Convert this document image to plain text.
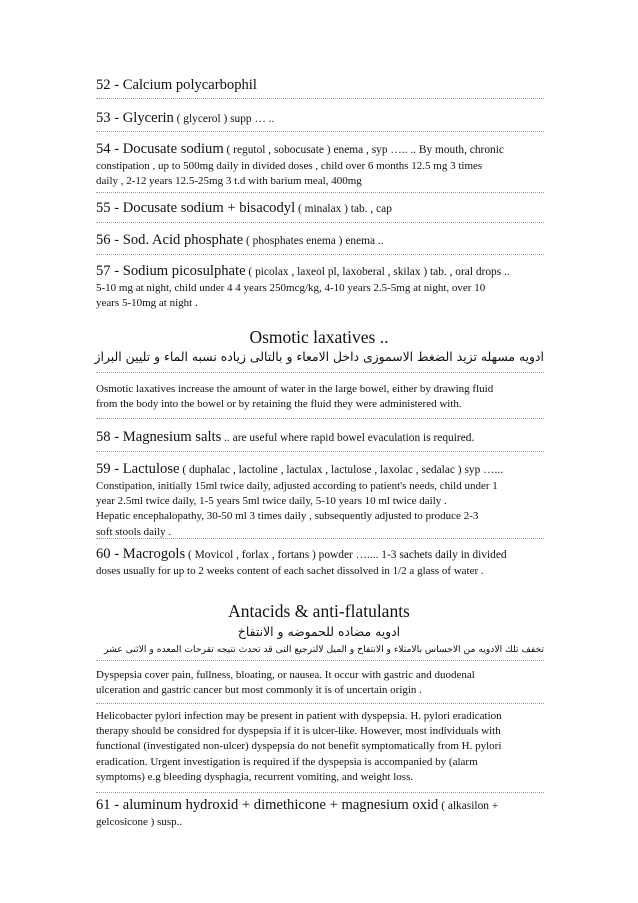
52 - Calcium polycarbophil

53 - Glycerin ( glycerol ) supp … ..

54 - Docusate sodium ( regutol , sobocusate ) enema , syp ….. .. By mouth, chronic
constipation , up to 500mg daily in divided doses , child over 6 months 12.5 mg 3 times
daily , 2-12 years 12.5-25mg 3 t.d with barium meal, 400mg

55 - Docusate sodium + bisacodyl ( minalax ) tab. , cap

56 - Sod. Acid phosphate ( phosphates enema ) enema ..

57 - Sodium picosulphate ( picolax , laxeol pl, laxoberal , skilax ) tab. , oral drops ..
5-10 mg at night, child under 4 4 years 250mcg/kg, 4-10 years 2.5-5mg at night, over 10
years 5-10mg at night .

Osmotic laxatives ..

ادويه مسهله تزيد الضغط الاسموزى داخل الامعاء و بالتالى زياده نسبه الماء و تليين البراز

Osmotic laxatives increase the amount of water in the large bowel, either by drawing fluid
from the body into the bowel or by retaining the fluid they were administered with.

58 - Magnesium salts .. are useful where rapid bowel evaculation is required.

59 - Lactulose ( duphalac , lactoline , lactulax , lactulose , laxolac , sedalac ) syp …...
Constipation, initially 15ml twice daily, adjusted according to patient's needs, child under 1
year 2.5ml twice daily, 1-5 years 5ml twice daily, 5-10 years 10 ml twice daily .
Hepatic encephalopathy, 30-50 ml 3 times daily , subsequently adjusted to produce 2-3
soft stools daily .
60 - Macrogols ( Movicol , forlax , fortans ) powder ….... 1-3 sachets daily in divided
doses usually for up to 2 weeks content of each sachet dissolved in 1/2 a glass of water .

Antacids & anti-flatulants

ادويه مضاده للحموضه و الانتفاخ

تخفف تلك الادويه من الاحساس بالامتلاء و الانتفاخ و الميل لالترجيع التى قد تحدث نتيجه تقرحات المعده و الاثنى عشر

Dyspepsia cover pain, fullness, bloating, or nausea. It occur with gastric and duodenal
ulceration and gastric cancer but most commonly it is of uncertain origin .
Helicobacter pylori infection may be present in patient with dyspepsia. H. pylori eradication
therapy should be considred for dyspepsia if it is ulcer-like. However, most individuals with
functional (investigated non-ulcer) dyspepsia do not benefit symptomatically from H. pylori
eradication. Urgent investigation is required if the dyspepsia is accompanied by (alarm
symptoms) e.g bleeding dysphagia, recurrent vomiting, and weight loss.
61 - aluminum hydroxid + dimethicone + magnesium oxid ( alkasilon +
gelcosicone ) susp..
